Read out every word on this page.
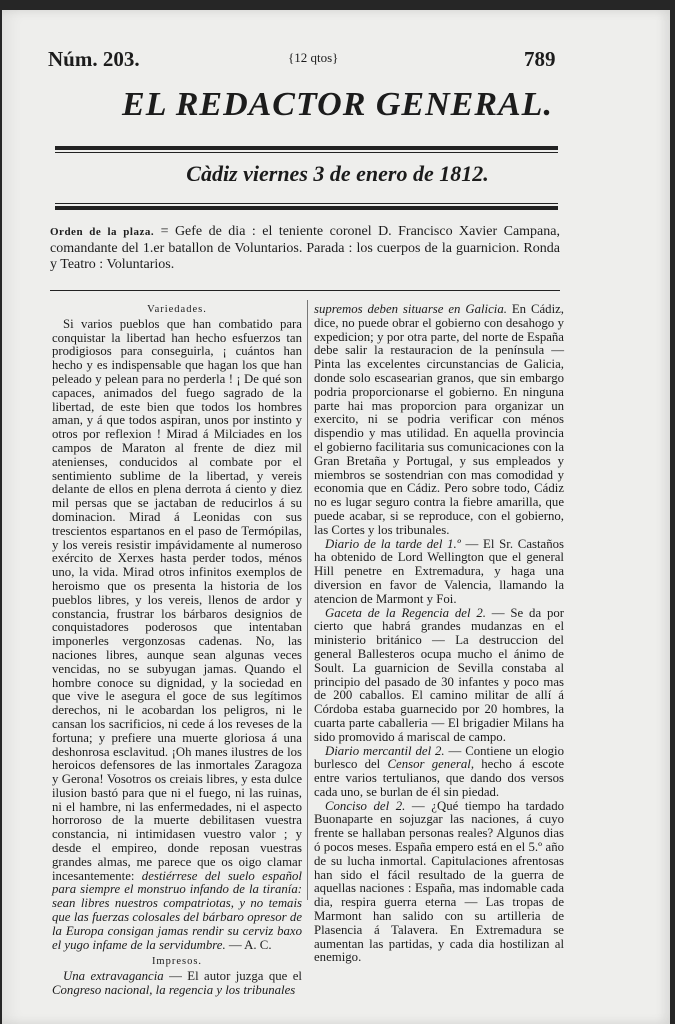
Núm. 203.	{12 qtos}	789
EL REDACTOR GENERAL.
Càdiz viernes 3 de enero de 1812.
Orden de la plaza. = Gefe de dia : el teniente coronel D. Francisco Xavier Campana, comandante del 1.er batallon de Voluntarios. Parada : los cuerpos de la guarnicion. Ronda y Teatro : Voluntarios.
Variedades.

Si varios pueblos que han combatido para conquistar la libertad han hecho esfuerzos tan prodigiosos para conseguirla, ¡ cuántos han hecho y es indispensable que hagan los que han peleado y pelean para no perderla ! ¡ De qué son capaces, animados del fuego sagrado de la libertad, de este bien que todos los hombres aman, y á que todos aspiran, unos por instinto y otros por reflexion ! Mirad á Milciades en los campos de Maraton al frente de diez mil atenienses, conducidos al combate por el sentimiento sublime de la libertad, y vereis delante de ellos en plena derrota á ciento y diez mil persas que se jactaban de reducirlos á su dominacion. Mirad á Leonidas con sus trescientos espartanos en el paso de Termópilas, y los vereis resistir impávidamente al numeroso exército de Xerxes hasta perder todos, ménos uno, la vida. Mirad otros infinitos exemplos de heroismo que os presenta la historia de los pueblos libres, y los vereis, llenos de ardor y constancia, frustrar los bárbaros designios de conquistadores poderosos que intentaban imponerles vergonzosas cadenas. No, las naciones libres, aunque sean algunas veces vencidas, no se subyugan jamas. Quando el hombre conoce su dignidad, y la sociedad en que vive le asegura el goce de sus legítimos derechos, ni le acobardan los peligros, ni le cansan los sacrificios, ni cede á los reveses de la fortuna; y prefiere una muerte gloriosa á una deshonrosa esclavitud. ¡Oh manes ilustres de los heroicos defensores de las inmortales Zaragoza y Gerona! Vosotros os creiais libres, y esta dulce ilusion bastó para que ni el fuego, ni las ruinas, ni el hambre, ni las enfermedades, ni el aspecto horroroso de la muerte debilitasen vuestra constancia, ni intimidasen vuestro valor ; y desde el empireo, donde reposan vuestras grandes almas, me parece que os oigo clamar incesantemente: destiérrese del suelo español para siempre el monstruo infando de la tiranía: sean libres nuestros compatriotas, y no temais que las fuerzas colosales del bárbaro opresor de la Europa consigan jamas rendir su cerviz baxo el yugo infame de la servidumbre. — A. C.

Impresos.

Una extravagancia — El autor juzga que el Congreso nacional, la regencia y los tribunales

supremos deben situarse en Galicia. En Cádiz, dice, no puede obrar el gobierno con desahogo y expedicion; y por otra parte, del norte de España debe salir la restauracion de la península — Pinta las excelentes circunstancias de Galicia, donde solo escasearian granos, que sin embargo podria proporcionarse el gobierno. En ninguna parte hai mas proporcion para organizar un exercito, ni se podria verificar con ménos dispendio y mas utilidad. En aquella provincia el gobierno facilitaria sus comunicaciones con la Gran Bretaña y Portugal, y sus empleados y miembros se sostendrian con mas comodidad y economia que en Cádiz. Pero sobre todo, Cádiz no es lugar seguro contra la fiebre amarilla, que puede acabar, si se reproduce, con el gobierno, las Cortes y los tribunales.

Diario de la tarde del 1.º — El Sr. Castaños ha obtenido de Lord Wellington que el general Hill penetre en Extremadura, y haga una diversion en favor de Valencia, llamando la atencion de Marmont y Foi.

Gaceta de la Regencia del 2. — Se da por cierto que habrá grandes mudanzas en el ministerio británico — La destruccion del general Ballesteros ocupa mucho el ánimo de Soult. La guarnicion de Sevilla constaba al principio del pasado de 30 infantes y poco mas de 200 caballos. El camino militar de allí á Córdoba estaba guarnecido por 20 hombres, la cuarta parte caballeria — El brigadier Milans ha sido promovido á mariscal de campo.

Diario mercantil del 2. — Contiene un elogio burlesco del Censor general, hecho á escote entre varios tertulianos, que dando dos versos cada uno, se burlan de él sin piedad.

Conciso del 2. — ¿Qué tiempo ha tardado Buonaparte en sojuzgar las naciones, á cuyo frente se hallaban personas reales? Algunos dias ó pocos meses. España empero está en el 5.º año de su lucha inmortal. Capitulaciones afrentosas han sido el fácil resultado de la guerra de aquellas naciones : España, mas indomable cada dia, respira guerra eterna — Las tropas de Marmont han salido con su artilleria de Plasencia á Talavera. En Extremadura se aumentan las partidas, y cada dia hostilizan al enemigo.
